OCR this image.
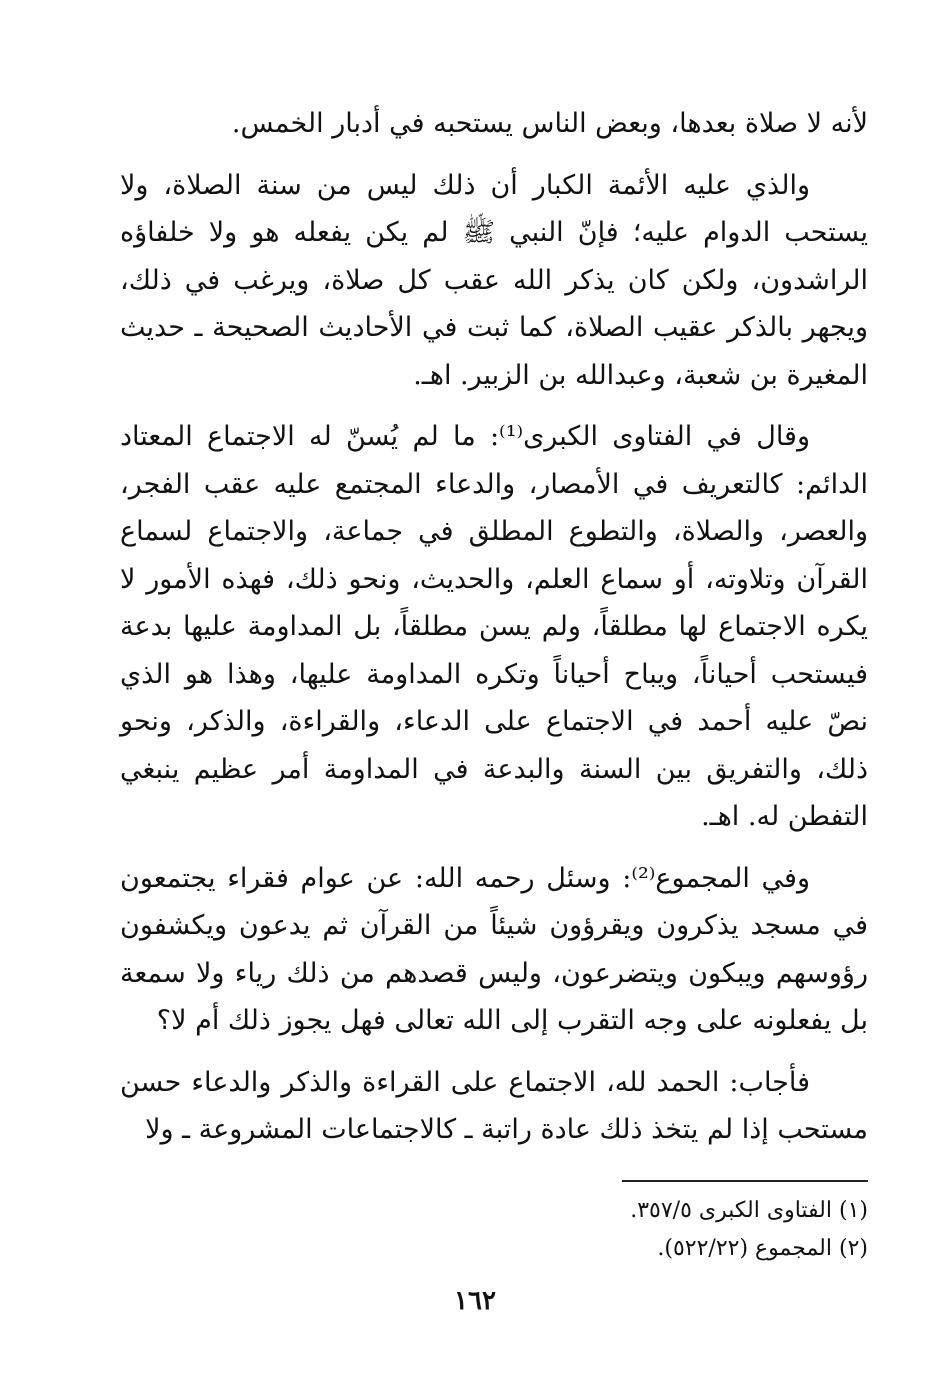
لأنه لا صلاة بعدها، وبعض الناس يستحبه في أدبار الخمس.

والذي عليه الأئمة الكبار أن ذلك ليس من سنة الصلاة، ولا يستحب الدوام عليه؛ فإنّ النبي ﷺ لم يكن يفعله هو ولا خلفاؤه الراشدون، ولكن كان يذكر الله عقب كل صلاة، ويرغب في ذلك، ويجهر بالذكر عقيب الصلاة، كما ثبت في الأحاديث الصحيحة ـ حديث المغيرة بن شعبة، وعبدالله بن الزبير. اهـ.

وقال في الفتاوى الكبرى⁽¹⁾: ما لم يُسنّ له الاجتماع المعتاد الدائم: كالتعريف في الأمصار، والدعاء المجتمع عليه عقب الفجر، والعصر، والصلاة، والتطوع المطلق في جماعة، والاجتماع لسماع القرآن وتلاوته، أو سماع العلم، والحديث، ونحو ذلك، فهذه الأمور لا يكره الاجتماع لها مطلقاً، ولم يسن مطلقاً، بل المداومة عليها بدعة فيستحب أحياناً، ويباح أحياناً وتكره المداومة عليها، وهذا هو الذي نصّ عليه أحمد في الاجتماع على الدعاء، والقراءة، والذكر، ونحو ذلك، والتفريق بين السنة والبدعة في المداومة أمر عظيم ينبغي التفطن له. اهـ.

وفي المجموع⁽²⁾: وسئل رحمه الله: عن عوام فقراء يجتمعون في مسجد يذكرون ويقرؤون شيئاً من القرآن ثم يدعون ويكشفون رؤوسهم ويبكون ويتضرعون، وليس قصدهم من ذلك رياء ولا سمعة بل يفعلونه على وجه التقرب إلى الله تعالى فهل يجوز ذلك أم لا؟

فأجاب: الحمد لله، الاجتماع على القراءة والذكر والدعاء حسن مستحب إذا لم يتخذ ذلك عادة راتبة ـ كالاجتماعات المشروعة ـ ولا

(١) الفتاوى الكبرى ٣٥٧/٥.

(٢) المجموع (٥٢٢/٢٢).

١٦٢
